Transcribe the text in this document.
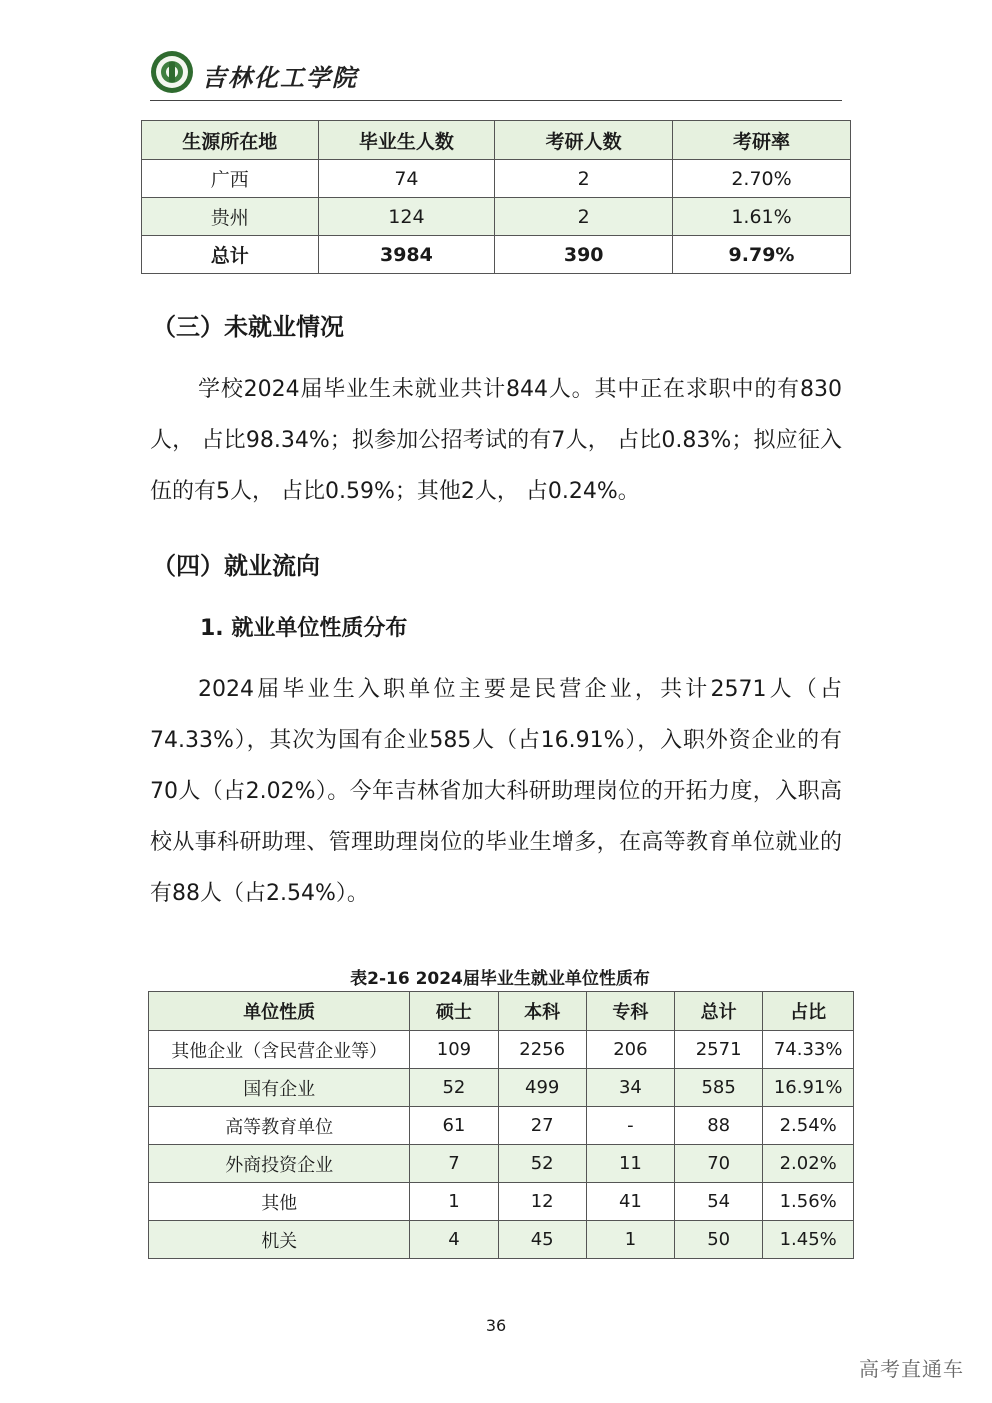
吉林化工学院
生源所在地	毕业生人数	考研人数	考研率
广西	74	2	2.70%
贵州	124	2	1.61%
总计	3984	390	9.79%
（三）未就业情况
学校2024届毕业生未就业共计844人。其中正在求职中的有830人， 占比98.34%；拟参加公招考试的有7人， 占比0.83%；拟应征入伍的有5人， 占比0.59%；其他2人， 占0.24%。
（四）就业流向
1. 就业单位性质分布
2024届毕业生入职单位主要是民营企业，共计2571人（占74.33%），其次为国有企业585人（占16.91%），入职外资企业的有70人（占2.02%）。今年吉林省加大科研助理岗位的开拓力度，入职高校从事科研助理、管理助理岗位的毕业生增多，在高等教育单位就业的有88人（占2.54%）。
表2-16 2024届毕业生就业单位性质布
单位性质	硕士	本科	专科	总计	占比
其他企业（含民营企业等）	109	2256	206	2571	74.33%
国有企业	52	499	34	585	16.91%
高等教育单位	61	27	-	88	2.54%
外商投资企业	7	52	11	70	2.02%
其他	1	12	41	54	1.56%
机关	4	45	1	50	1.45%
36
高考直通车
